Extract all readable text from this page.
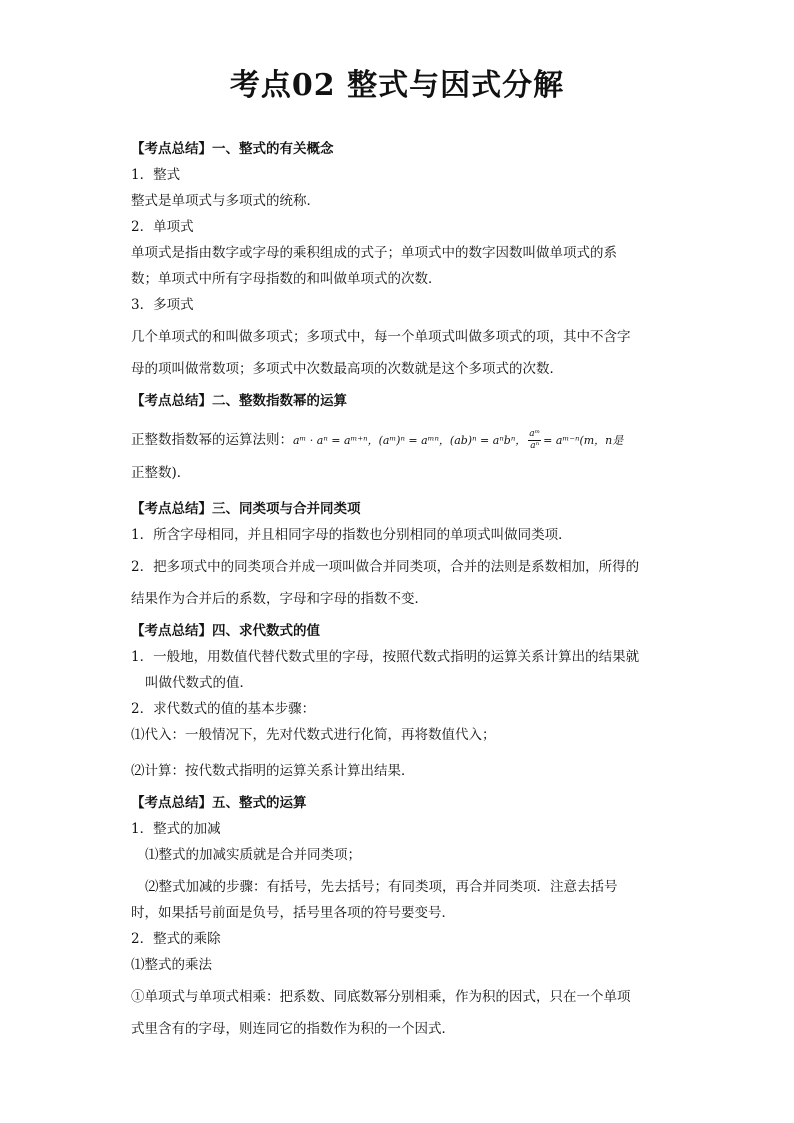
考点02 整式与因式分解
【考点总结】一、整式的有关概念
1．整式
整式是单项式与多项式的统称．
2．单项式
单项式是指由数字或字母的乘积组成的式子；单项式中的数字因数叫做单项式的系
数；单项式中所有字母指数的和叫做单项式的次数．
3．多项式
几个单项式的和叫做多项式；多项式中，每一个单项式叫做多项式的项，其中不含字
母的项叫做常数项；多项式中次数最高项的次数就是这个多项式的次数．
【考点总结】二、整数指数幂的运算
正整数指数幂的运算法则：aᵐ · aⁿ = aᵐ⁺ⁿ，(aᵐ)ⁿ = aᵐⁿ，(ab)ⁿ = aⁿbⁿ， $\frac{\text{aᵐ}}{\text{aⁿ}}$ = aᵐ⁻ⁿ(m，n是
正整数)．
【考点总结】三、同类项与合并同类项
1．所含字母相同，并且相同字母的指数也分别相同的单项式叫做同类项．
2．把多项式中的同类项合并成一项叫做合并同类项，合并的法则是系数相加，所得的
结果作为合并后的系数，字母和字母的指数不变．
【考点总结】四、求代数式的值
1．一般地，用数值代替代数式里的字母，按照代数式指明的运算关系计算出的结果就
叫做代数式的值．
2．求代数式的值的基本步骤：
⑴代入：一般情况下，先对代数式进行化简，再将数值代入；
⑵计算：按代数式指明的运算关系计算出结果．
【考点总结】五、整式的运算
1．整式的加减
⑴整式的加减实质就是合并同类项；
⑵整式加减的步骤：有括号，先去括号；有同类项，再合并同类项．注意去括号
时，如果括号前面是负号，括号里各项的符号要变号．
2．整式的乘除
⑴整式的乘法
①单项式与单项式相乘：把系数、同底数幂分别相乘，作为积的因式，只在一个单项
式里含有的字母，则连同它的指数作为积的一个因式．
